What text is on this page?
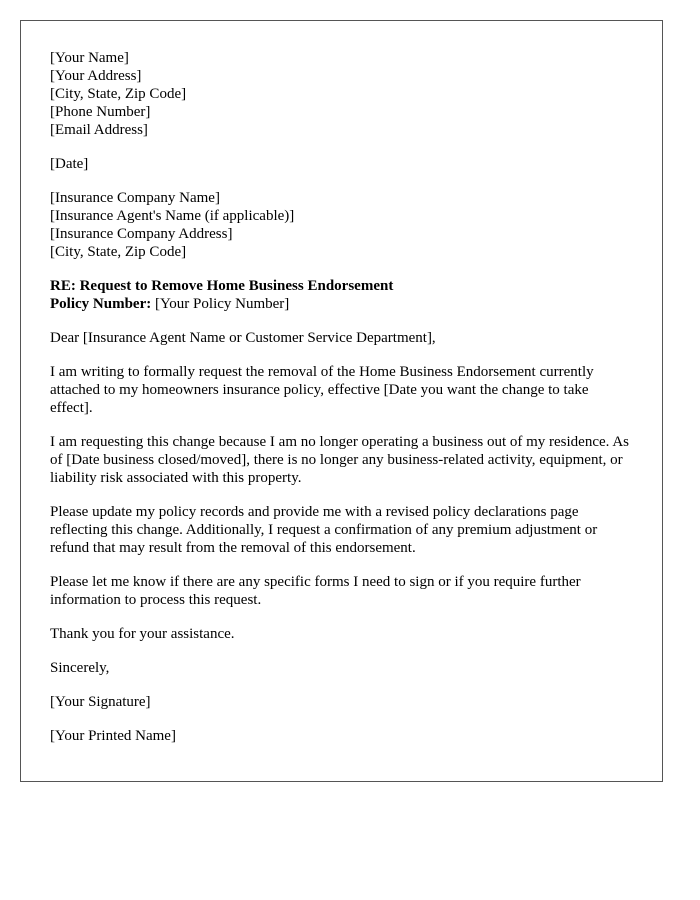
[Your Name]
[Your Address]
[City, State, Zip Code]
[Phone Number]
[Email Address]

[Date]

[Insurance Company Name]
[Insurance Agent's Name (if applicable)]
[Insurance Company Address]
[City, State, Zip Code]

RE: Request to Remove Home Business Endorsement
Policy Number: [Your Policy Number]

Dear [Insurance Agent Name or Customer Service Department],

I am writing to formally request the removal of the Home Business Endorsement currently attached to my homeowners insurance policy, effective [Date you want the change to take effect].

I am requesting this change because I am no longer operating a business out of my residence. As of [Date business closed/moved], there is no longer any business-related activity, equipment, or liability risk associated with this property.

Please update my policy records and provide me with a revised policy declarations page reflecting this change. Additionally, I request a confirmation of any premium adjustment or refund that may result from the removal of this endorsement.

Please let me know if there are any specific forms I need to sign or if you require further information to process this request.

Thank you for your assistance.

Sincerely,

[Your Signature]

[Your Printed Name]
